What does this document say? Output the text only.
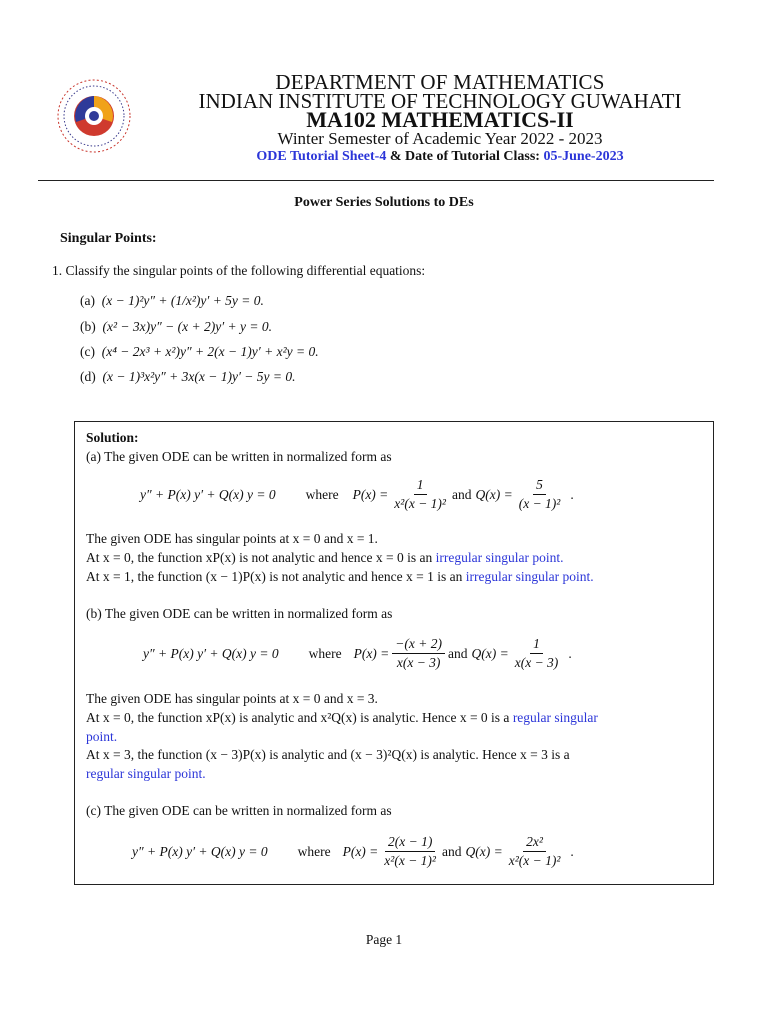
DEPARTMENT OF MATHEMATICS
INDIAN INSTITUTE OF TECHNOLOGY GUWAHATI
MA102 MATHEMATICS-II
Winter Semester of Academic Year 2022 - 2023
ODE Tutorial Sheet-4 & Date of Tutorial Class: 05-June-2023
Power Series Solutions to DEs
Singular Points:
1. Classify the singular points of the following differential equations:
(a) (x − 1)²y″ + (1/x²)y′ + 5y = 0.
(b) (x² − 3x)y″ − (x + 2)y′ + y = 0.
(c) (x⁴ − 2x³ + x²)y″ + 2(x − 1)y′ + x²y = 0.
(d) (x − 1)³x²y″ + 3x(x − 1)y′ − 5y = 0.
Solution:
(a) The given ODE can be written in normalized form as
y″ + P(x) y′ + Q(x) y = 0 where $P(x) = \frac{1}{\text{x²(x − 1)²}}$ and $Q(x) = \frac{5}{\text{(x − 1)²}}$ .
The given ODE has singular points at x = 0 and x = 1.
At x = 0, the function xP(x) is not analytic and hence x = 0 is an irregular singular point.
At x = 1, the function (x − 1)P(x) is not analytic and hence x = 1 is an irregular singular point.
(b) The given ODE can be written in normalized form as
y″ + P(x) y′ + Q(x) y = 0 where $P(x) = \frac{-(x + 2)}{x(x - 3)}$ and $Q(x) = \frac{1}{x(x - 3)}$ .
The given ODE has singular points at x = 0 and x = 3.
At x = 0, the function xP(x) is analytic and x²Q(x) is analytic. Hence x = 0 is a regular singular
point.
At x = 3, the function (x − 3)P(x) is analytic and (x − 3)²Q(x) is analytic. Hence x = 3 is a
regular singular point.
(c) The given ODE can be written in normalized form as
y″ + P(x) y′ + Q(x) y = 0 where $P(x) = \frac{2(x - 1)}{\text{x²(x − 1)²}}$ and $Q(x) = \frac{\text{2x²}}{\text{x²(x − 1)²}}$ .
Page 1
